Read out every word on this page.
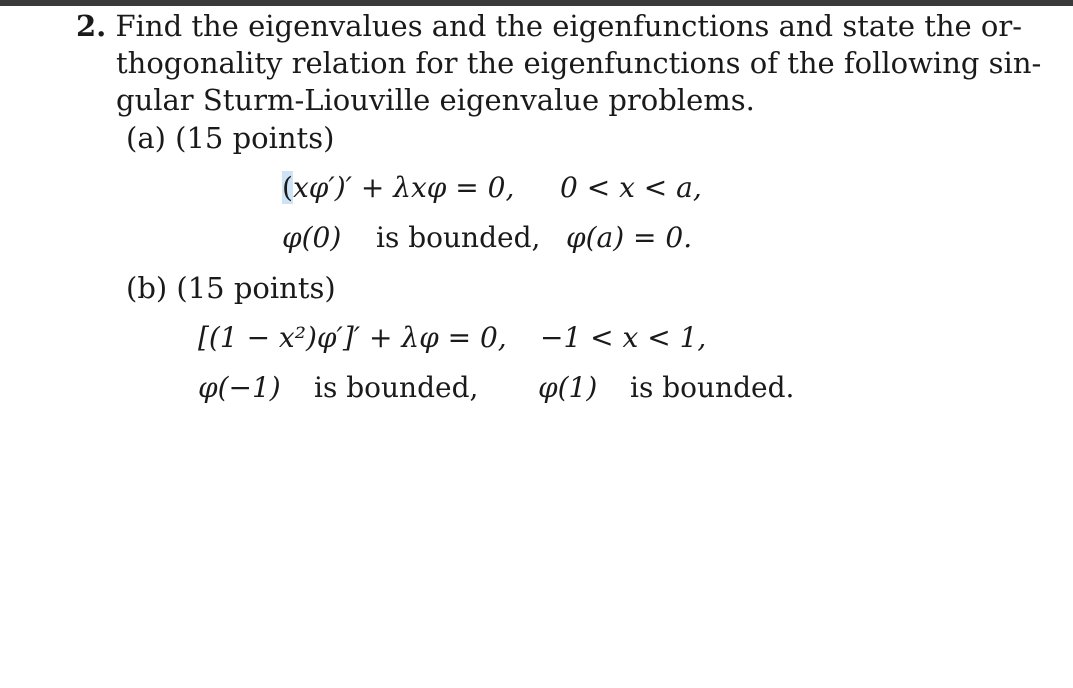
2. Find the eigenvalues and the eigenfunctions and state the or-
thogonality relation for the eigenfunctions of the following sin-
gular Sturm-Liouville eigenvalue problems.
(a) (15 points)
(xφ′)′ + λxφ = 0, 0 < x < a,
φ(0) is bounded, φ(a) = 0.
(b) (15 points)
[(1 − x²)φ′]′ + λφ = 0, −1 < x < 1,
φ(−1) is bounded, φ(1) is bounded.
